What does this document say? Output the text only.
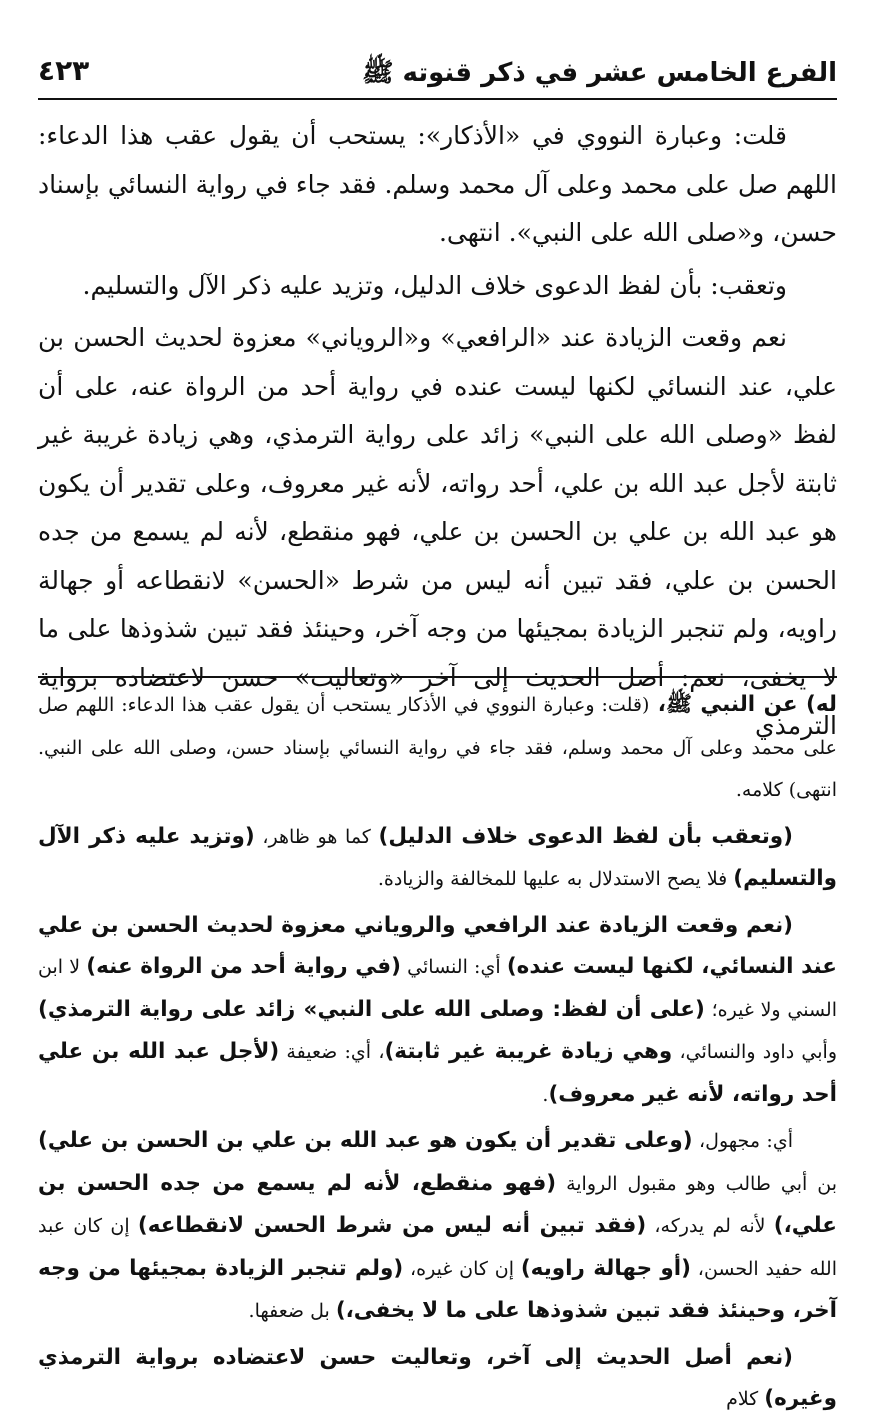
الفرع الخامس عشر في ذكر قنوته ﷺ
٤٢٣

قلت: وعبارة النووي في «الأذكار»: يستحب أن يقول عقب هذا الدعاء: اللهم صل على محمد وعلى آل محمد وسلم. فقد جاء في رواية النسائي بإسناد حسن، و«صلى الله على النبي». انتهى.

وتعقب: بأن لفظ الدعوى خلاف الدليل، وتزيد عليه ذكر الآل والتسليم.

نعم وقعت الزيادة عند «الرافعي» و«الروياني» معزوة لحديث الحسن بن علي، عند النسائي لكنها ليست عنده في رواية أحد من الرواة عنه، على أن لفظ «وصلى الله على النبي» زائد على رواية الترمذي، وهي زيادة غريبة غير ثابتة لأجل عبد الله بن علي، أحد رواته، لأنه غير معروف، وعلى تقدير أن يكون هو عبد الله بن علي بن الحسن بن علي، فهو منقطع، لأنه لم يسمع من جده الحسن بن علي، فقد تبين أنه ليس من شرط «الحسن» لانقطاعه أو جهالة راويه، ولم تنجبر الزيادة بمجيئها من وجه آخر، وحينئذ فقد تبين شذوذها على ما لا يخفى، نعم: أصل الحديث إلى آخر «وتعاليت» حسن لاعتضاده برواية الترمذي

له) عن النبي ﷺ، (قلت: وعبارة النووي في الأذكار يستحب أن يقول عقب هذا الدعاء: اللهم صل على محمد وعلى آل محمد وسلم، فقد جاء في رواية النسائي بإسناد حسن، وصلى الله على النبي. انتهى) كلامه.

(وتعقب بأن لفظ الدعوى خلاف الدليل) كما هو ظاهر، (وتزيد عليه ذكر الآل والتسليم) فلا يصح الاستدلال به عليها للمخالفة والزيادة.

(نعم وقعت الزيادة عند الرافعي والروياني معزوة لحديث الحسن بن علي عند النسائي، لكنها ليست عنده) أي: النسائي (في رواية أحد من الرواة عنه) لا ابن السني ولا غيره؛ (على أن لفظ: وصلى الله على النبي» زائد على رواية الترمذي) وأبي داود والنسائي، وهي زيادة غريبة غير ثابتة)، أي: ضعيفة (لأجل عبد الله بن علي أحد رواته، لأنه غير معروف).

أي: مجهول، (وعلى تقدير أن يكون هو عبد الله بن علي بن الحسن بن علي) بن أبي طالب وهو مقبول الرواية (فهو منقطع، لأنه لم يسمع من جده الحسن بن علي،) لأنه لم يدركه، (فقد تبين أنه ليس من شرط الحسن لانقطاعه) إن كان عبد الله حفيد الحسن، (أو جهالة راويه) إن كان غيره، (ولم تنجبر الزيادة بمجيئها من وجه آخر، وحينئذ فقد تبين شذوذها على ما لا يخفى،) بل ضعفها.

(نعم أصل الحديث إلى آخر، وتعاليت حسن لاعتضاده برواية الترمذي وغيره) كلام
